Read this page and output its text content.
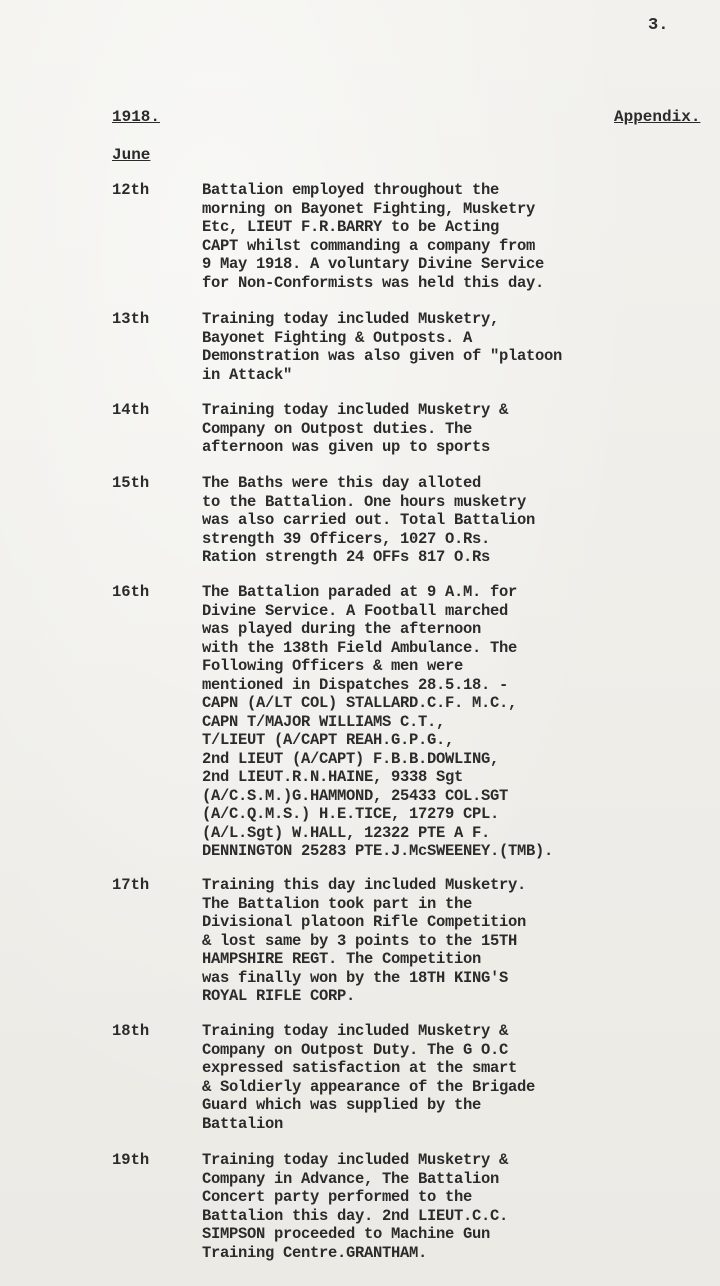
3.
1918.	Appendix.
June
12th	Battalion employed throughout the
morning on Bayonet Fighting, Musketry
Etc, LIEUT F.R.BARRY to be Acting
CAPT whilst commanding a company from
9 May 1918. A voluntary Divine Service
for Non-Conformists was held this day.
13th	Training today included Musketry,
Bayonet Fighting & Outposts. A
Demonstration was also given of "platoon
in Attack"
14th	Training today included Musketry &
Company on Outpost duties. The
afternoon was given up to sports
15th	The Baths were this day alloted
to the Battalion. One hours musketry
was also carried out. Total Battalion
strength 39 Officers, 1027 O.Rs.
Ration strength 24 OFFs 817 O.Rs
16th	The Battalion paraded at 9 A.M. for
Divine Service. A Football marched
was played during the afternoon
with the 138th Field Ambulance. The
Following Officers & men were
mentioned in Dispatches 28.5.18. -
CAPN (A/LT COL) STALLARD.C.F. M.C.,
CAPN T/MAJOR WILLIAMS C.T.,
T/LIEUT (A/CAPT REAH.G.P.G.,
2nd LIEUT (A/CAPT) F.B.B.DOWLING,
2nd LIEUT.R.N.HAINE, 9338 Sgt
(A/C.S.M.)G.HAMMOND, 25433 COL.SGT
(A/C.Q.M.S.) H.E.TICE, 17279 CPL.
(A/L.Sgt) W.HALL, 12322 PTE A F.
DENNINGTON 25283 PTE.J.McSWEENEY.(TMB).
17th	Training this day included Musketry.
The Battalion took part in the
Divisional platoon Rifle Competition
& lost same by 3 points to the 15TH
HAMPSHIRE REGT. The Competition
was finally won by the 18TH KING'S
ROYAL RIFLE CORP.
18th	Training today included Musketry &
Company on Outpost Duty. The G O.C
expressed satisfaction at the smart
& Soldierly appearance of the Brigade
Guard which was supplied by the
Battalion
19th	Training today included Musketry &
Company in Advance, The Battalion
Concert party performed to the
Battalion this day. 2nd LIEUT.C.C.
SIMPSON proceeded to Machine Gun
Training Centre.GRANTHAM.
